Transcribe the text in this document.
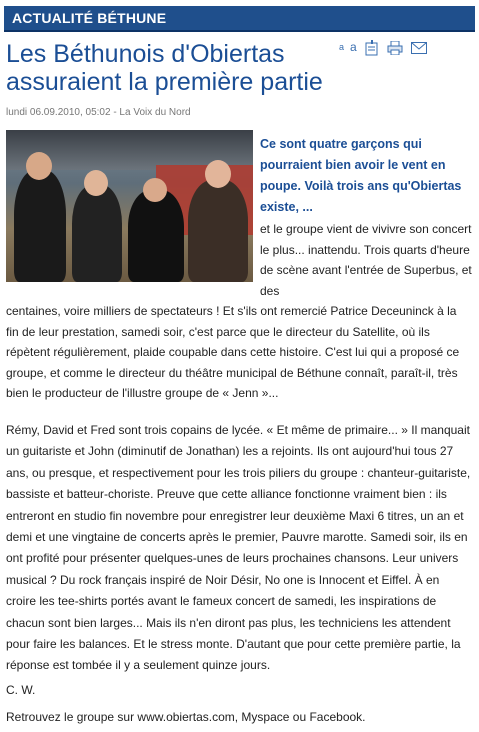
ACTUALITÉ BÉTHUNE
Les Béthunois d'Obiertas
assuraient la première partie
a a
lundi 06.09.2010, 05:02 - La Voix du Nord
Ce sont quatre garçons qui pourraient bien avoir le vent en poupe. Voilà trois ans qu'Obiertas existe, ...
et le groupe vient de vivivre son concert le plus... inattendu. Trois quarts d'heure de scène avant l'entrée de Superbus, et des
centaines, voire milliers de spectateurs ! Et s'ils ont remercié Patrice Deceuninck à la fin de leur prestation, samedi soir, c'est parce que le directeur du Satellite, où ils répètent régulièrement, plaide coupable dans cette histoire. C'est lui qui a proposé ce groupe, et comme le directeur du théâtre municipal de Béthune connaît, paraît-il, très bien le producteur de l'illustre groupe de « Jenn »...
Rémy, David et Fred sont trois copains de lycée. « Et même de primaire... » Il manquait un guitariste et John (diminutif de Jonathan) les a rejoints. Ils ont aujourd'hui tous 27 ans, ou presque, et respectivement pour les trois piliers du groupe : chanteur-guitariste, bassiste et batteur-choriste. Preuve que cette alliance fonctionne vraiment bien : ils entreront en studio fin novembre pour enregistrer leur deuxième Maxi 6 titres, un an et demi et une vingtaine de concerts après le premier, Pauvre marotte. Samedi soir, ils en ont profité pour présenter quelques-unes de leurs prochaines chansons. Leur univers musical ? Du rock français inspiré de Noir Désir, No one is Innocent et Eiffel. À en croire les tee-shirts portés avant le fameux concert de samedi, les inspirations de chacun sont bien larges... Mais ils n'en diront pas plus, les techniciens les attendent pour faire les balances. Et le stress monte. D'autant que pour cette première partie, la réponse est tombée il y a seulement quinze jours.
C. W.
Retrouvez le groupe sur www.obiertas.com, Myspace ou Facebook.
